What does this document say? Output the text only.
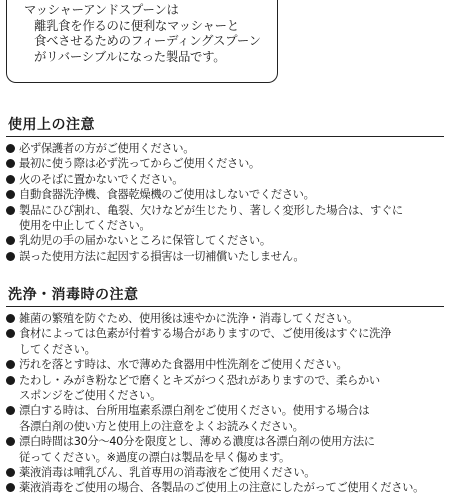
マッシャーアンドスプーンは
離乳食を作るのに便利なマッシャーと
食べさせるためのフィーディングスプーン
がリバーシブルになった製品です。
使用上の注意
必ず保護者の方がご使用ください。
最初に使う際は必ず洗ってからご使用ください。
火のそばに置かないでください。
自動食器洗浄機、食器乾燥機のご使用はしないでください。
製品にひび割れ、亀裂、欠けなどが生じたり、著しく変形した場合は、すぐに
使用を中止してください。
乳幼児の手の届かないところに保管してください。
誤った使用方法に起因する損害は一切補償いたしません。
洗浄・消毒時の注意
雑菌の繁殖を防ぐため、使用後は速やかに洗浄・消毒してください。
食材によっては色素が付着する場合がありますので、ご使用後はすぐに洗浄
してください。
汚れを落とす時は、水で薄めた食器用中性洗剤をご使用ください。
たわし・みがき粉などで磨くとキズがつく恐れがありますので、柔らかい
スポンジをご使用ください。
漂白する時は、台所用塩素系漂白剤をご使用ください。使用する場合は
各漂白剤の使い方と使用上の注意をよくお読みください。
漂白時間は30分～40分を限度とし、薄める濃度は各漂白剤の使用方法に
従ってください。※過度の漂白は製品を早く傷めます。
薬液消毒は哺乳びん、乳首専用の消毒液をご使用ください。
薬液消毒をご使用の場合、各製品のご使用上の注意にしたがってご使用ください。
